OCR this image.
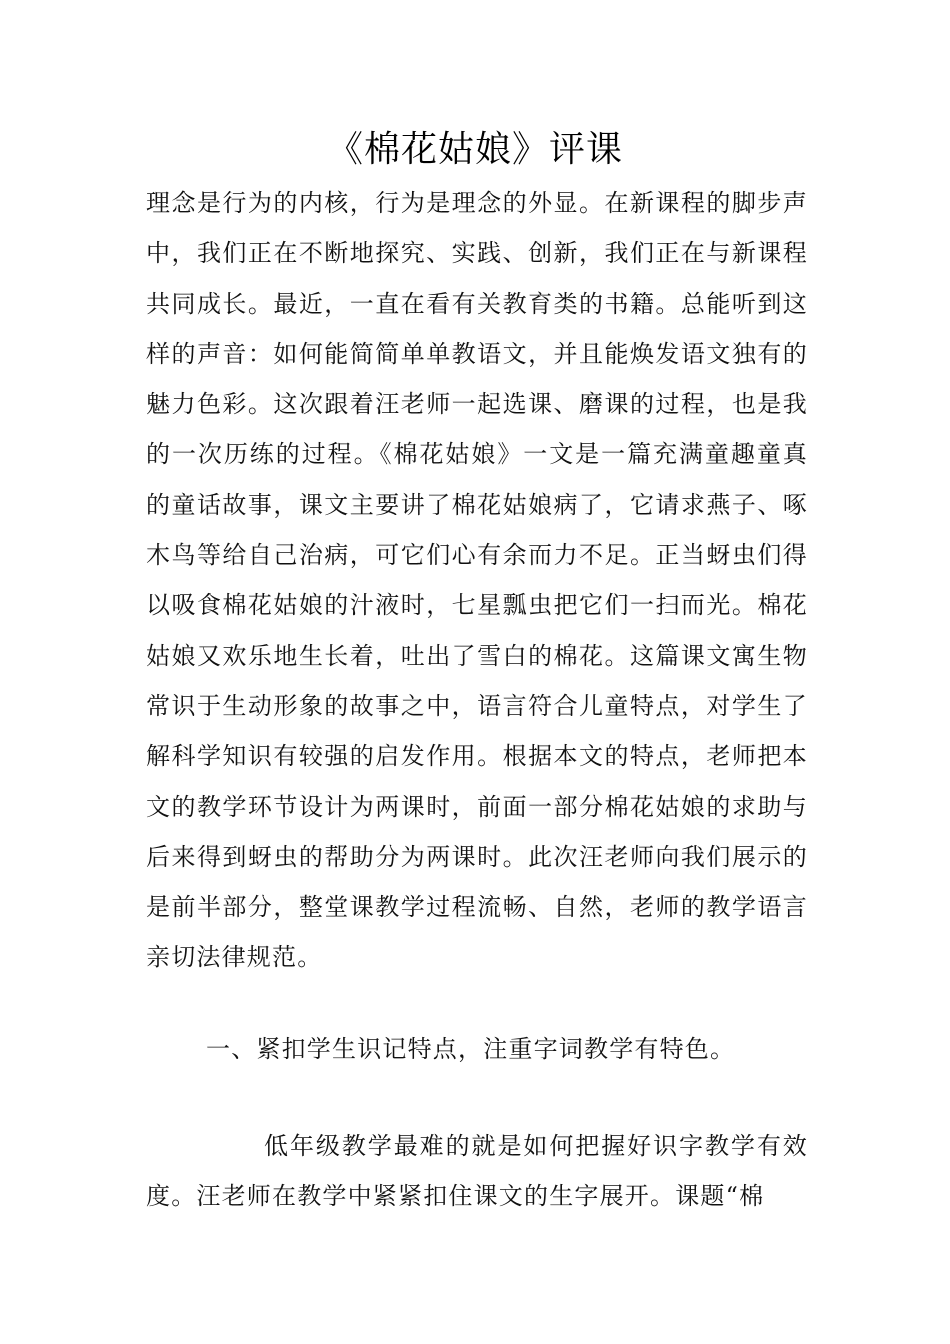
《棉花姑娘》评课

理念是行为的内核，行为是理念的外显。在新课程的脚步声中，我们正在不断地探究、实践、创新，我们正在与新课程共同成长。最近，一直在看有关教育类的书籍。总能听到这样的声音：如何能简简单单教语文，并且能焕发语文独有的魅力色彩。这次跟着汪老师一起选课、磨课的过程，也是我的一次历练的过程。《棉花姑娘》一文是一篇充满童趣童真的童话故事，课文主要讲了棉花姑娘病了，它请求燕子、啄木鸟等给自己治病，可它们心有余而力不足。正当蚜虫们得以吸食棉花姑娘的汁液时，七星瓢虫把它们一扫而光。棉花姑娘又欢乐地生长着，吐出了雪白的棉花。这篇课文寓生物常识于生动形象的故事之中，语言符合儿童特点，对学生了解科学知识有较强的启发作用。根据本文的特点，老师把本文的教学环节设计为两课时，前面一部分棉花姑娘的求助与后来得到蚜虫的帮助分为两课时。此次汪老师向我们展示的是前半部分，整堂课教学过程流畅、自然，老师的教学语言亲切法律规范。

一、紧扣学生识记特点，注重字词教学有特色。

低年级教学最难的就是如何把握好识字教学有效度。汪老师在教学中紧紧扣住课文的生字展开。课题“棉
